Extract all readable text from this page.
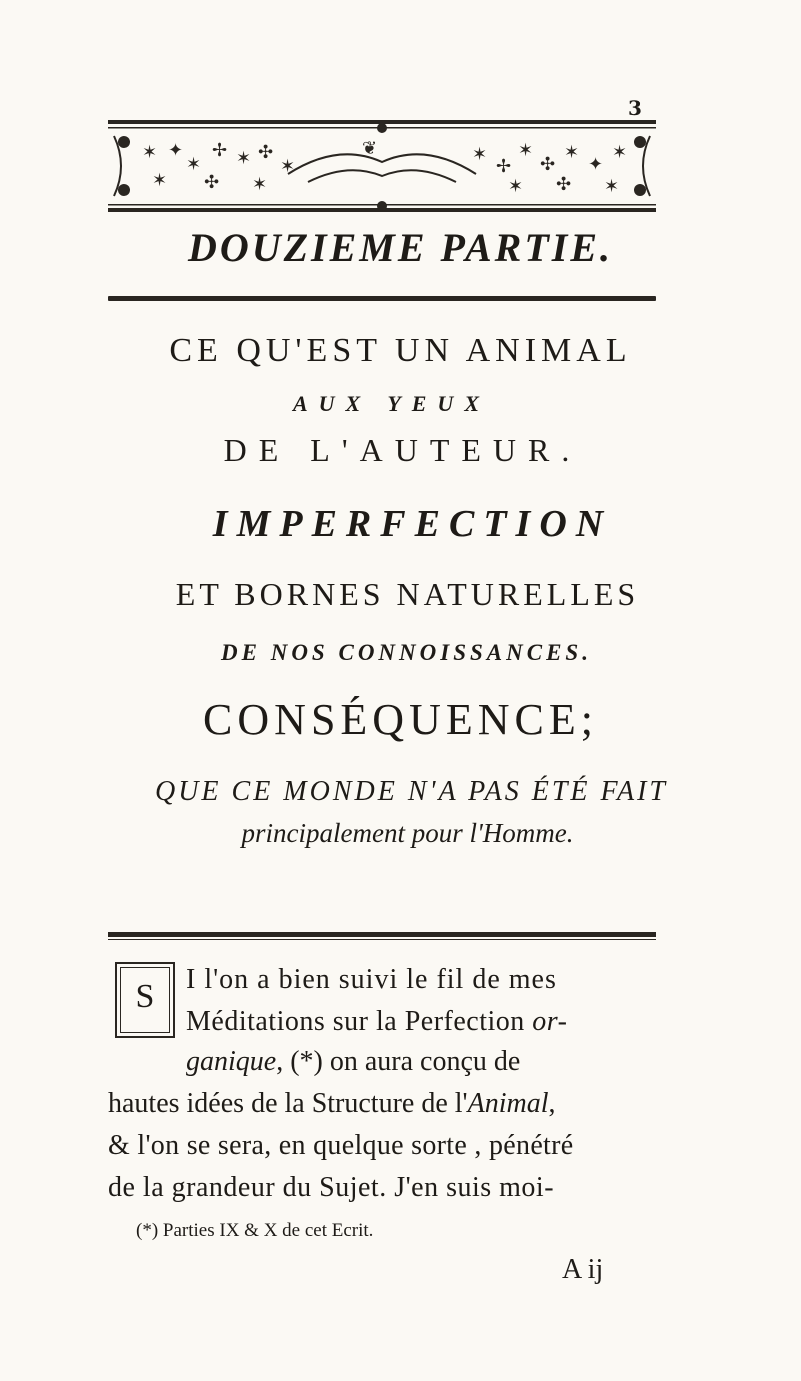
3
✶ ✦
✶
✢ ✶ ✣
✶
✶
✢
✶
✣
✶
✦
✶
✶ ✣ ✶	✶ ✣ ✶
❦
DOUZIEME PARTIE.
CE QU'EST UN ANIMAL
AUX YEUX
DE L'AUTEUR.
IMPERFECTION
ET BORNES NATURELLES
DE NOS CONNOISSANCES.
CONSÉQUENCE;
QUE CE MONDE N'A PAS ÉTÉ FAIT
principalement pour l'Homme.
S	I l'on a bien suivi le fil de mes
Méditations sur la Perfection or-
ganique, (*) on aura conçu de
hautes idées de la Structure de l'Animal,
& l'on se sera, en quelque sorte , pénétré
de la grandeur du Sujet. J'en suis moi-
(*) Parties IX & X de cet Ecrit.
A ij
